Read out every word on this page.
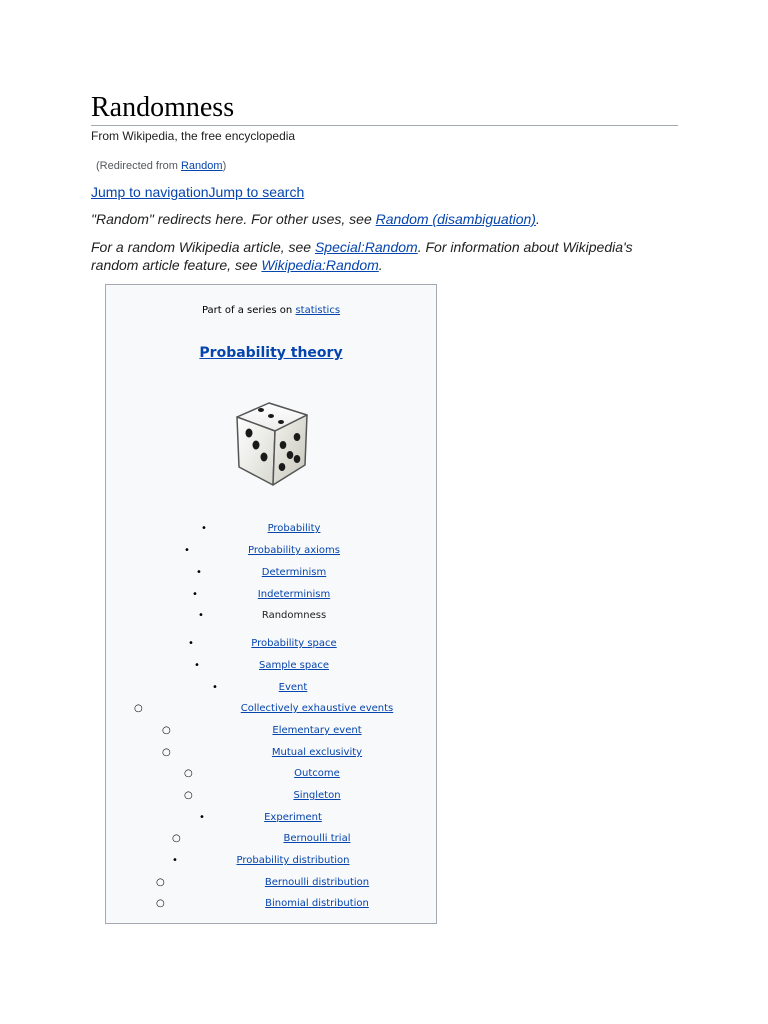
Randomness
From Wikipedia, the free encyclopedia
(Redirected from Random)
Jump to navigationJump to search
"Random" redirects here. For other uses, see Random (disambiguation).
For a random Wikipedia article, see Special:Random. For information about Wikipedia's random article feature, see Wikipedia:Random.
Part of a series on statistics
Probability theory
•	Probability
•	Probability axioms
•	Determinism
•	Indeterminism
•	Randomness
•	Probability space
•	Sample space
•	Event
○	Collectively exhaustive events
○	Elementary event
○	Mutual exclusivity
○	Outcome
○	Singleton
•	Experiment
○	Bernoulli trial
•	Probability distribution
○	Bernoulli distribution
○	Binomial distribution
